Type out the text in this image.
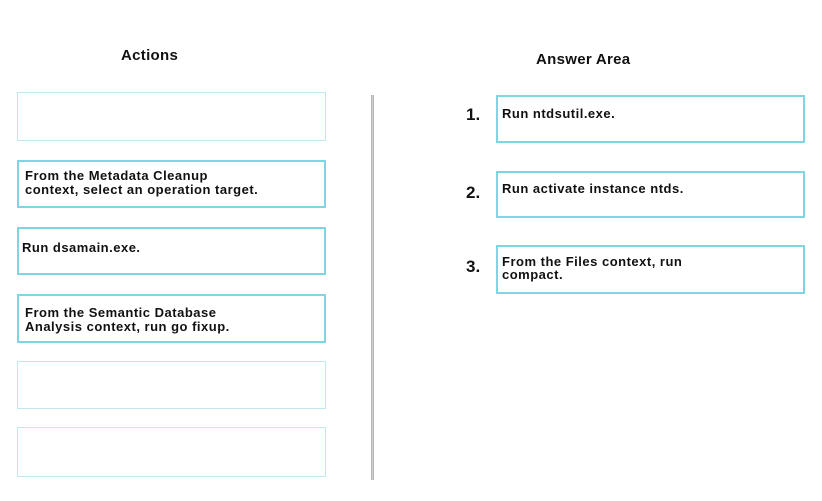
Actions	Answer Area
From the Metadata Cleanup
context, select an operation target.
Run dsamain.exe.
From the Semantic Database
Analysis context, run go fixup.
1.	Run ntdsutil.exe.
2.	Run activate instance ntds.
3.	From the Files context, run
compact.
